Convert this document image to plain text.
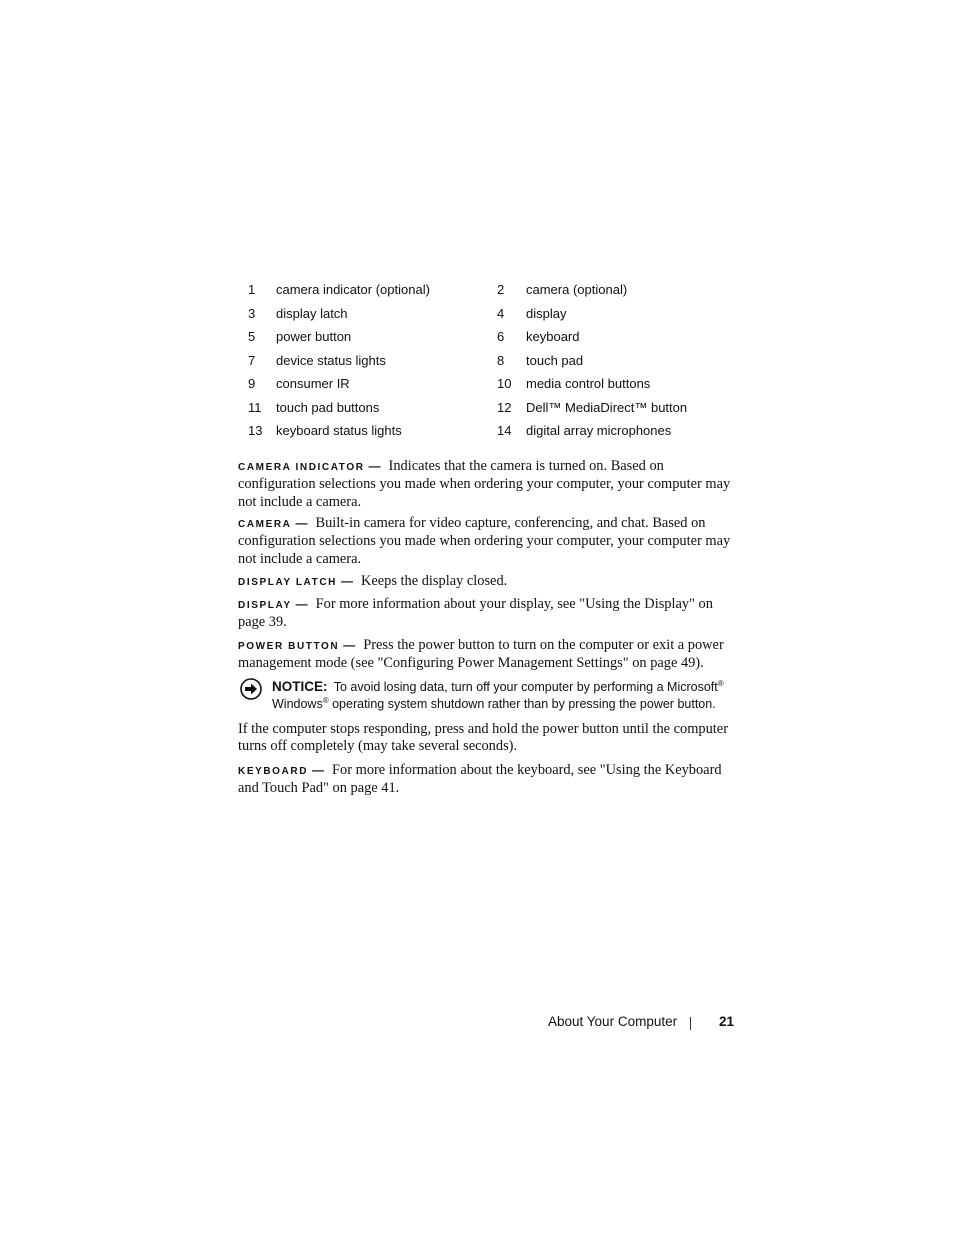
1 camera indicator (optional)	2 camera (optional)
3 display latch	4 display
5 power button	6 keyboard
7 device status lights	8 touch pad
9 consumer IR	10 media control buttons
11 touch pad buttons	12 Dell™ MediaDirect™ button
13 keyboard status lights	14 digital array microphones

CAMERA INDICATOR — Indicates that the camera is turned on. Based on configuration selections you made when ordering your computer, your computer may not include a camera.

CAMERA — Built-in camera for video capture, conferencing, and chat. Based on configuration selections you made when ordering your computer, your computer may not include a camera.

DISPLAY LATCH — Keeps the display closed.

DISPLAY — For more information about your display, see "Using the Display" on page 39.

POWER BUTTON — Press the power button to turn on the computer or exit a power management mode (see "Configuring Power Management Settings" on page 49).

NOTICE: To avoid losing data, turn off your computer by performing a Microsoft® Windows® operating system shutdown rather than by pressing the power button.

If the computer stops responding, press and hold the power button until the computer turns off completely (may take several seconds).

KEYBOARD — For more information about the keyboard, see "Using the Keyboard and Touch Pad" on page 41.

About Your Computer	21
